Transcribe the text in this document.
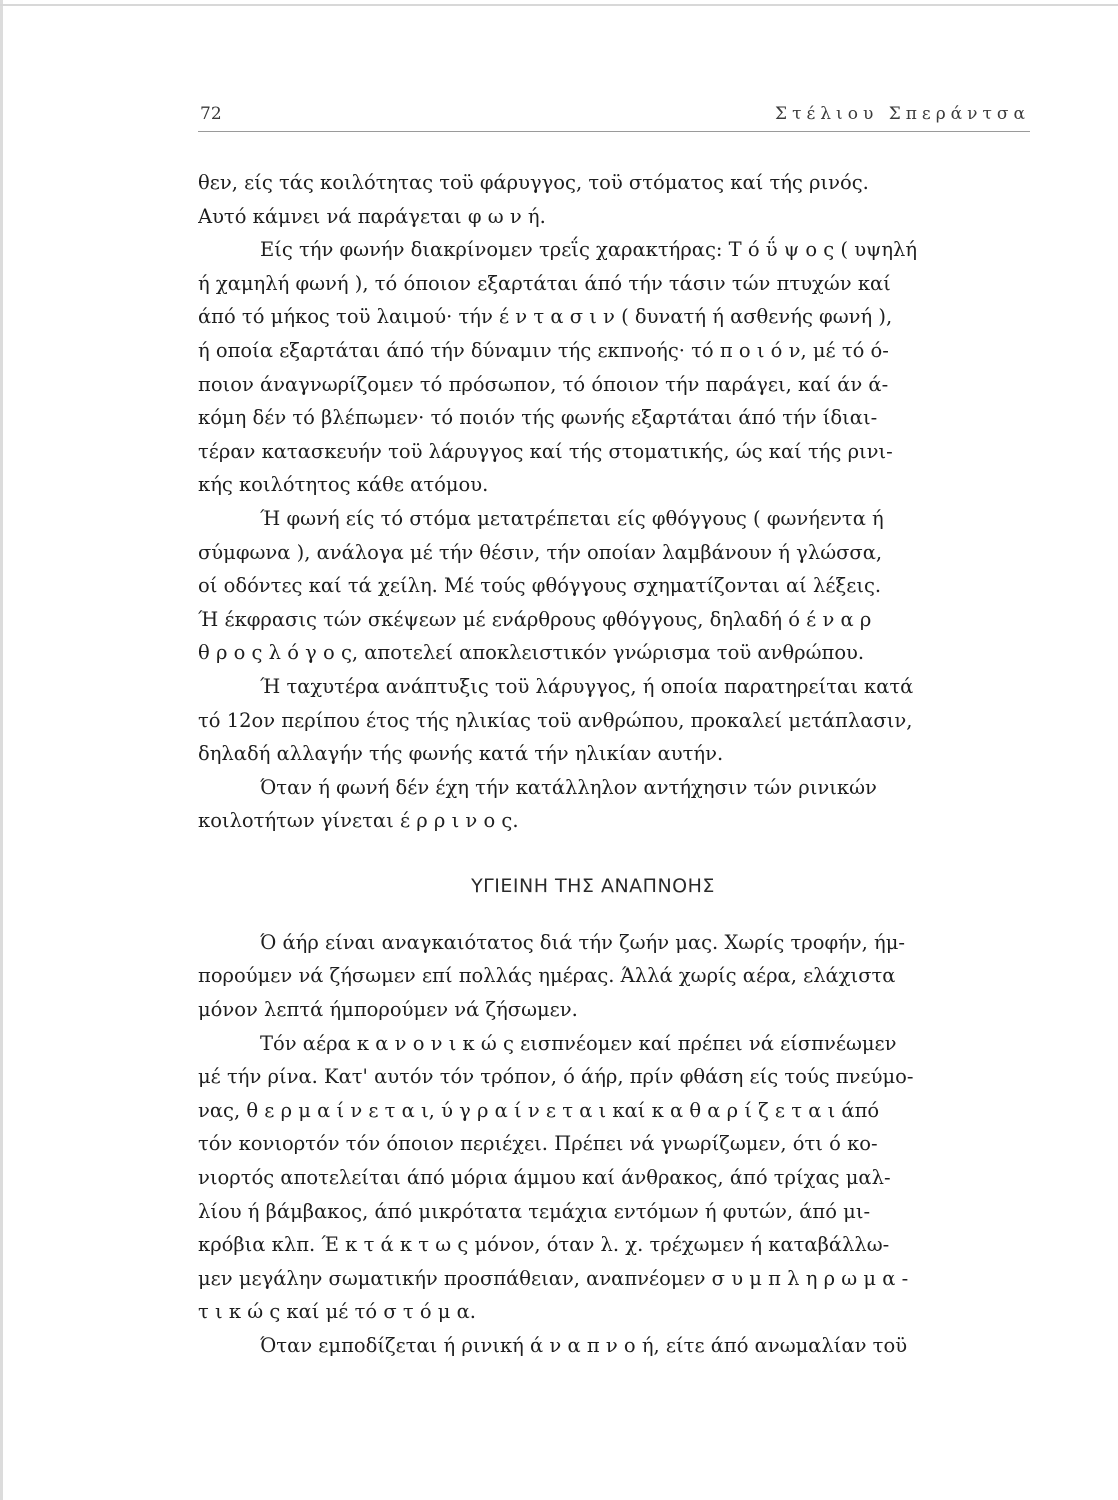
72	Στέλιου Σπεράντσα
θεν, είς τάς κοιλότητας τοϋ φάρυγγος, τοϋ στόματος καί τής ρινός.
Αυτό κάμνει νά παράγεται φ ω ν ή.
Είς τήν φωνήν διακρίνομεν τρεΐς χαρακτήρας: Τ ό ΰ ψ ο ς ( υψηλή
ή χαμηλή φωνή ), τό όποιον εξαρτάται άπό τήν τάσιν τών πτυχών καί
άπό τό μήκος τοϋ λαιμού· τήν έ ν τ α σ ι ν ( δυνατή ή ασθενής φωνή ),
ή οποία εξαρτάται άπό τήν δύναμιν τής εκπνοής· τό π ο ι ό ν, μέ τό ό-
ποιον άναγνωρίζομεν τό πρόσωπον, τό όποιον τήν παράγει, καί άν ά-
κόμη δέν τό βλέπωμεν· τό ποιόν τής φωνής εξαρτάται άπό τήν ίδιαι-
τέραν κατασκευήν τοϋ λάρυγγος καί τής στοματικής, ώς καί τής ρινι-
κής κοιλότητος κάθε ατόμου.
Ή φωνή είς τό στόμα μετατρέπεται είς φθόγγους ( φωνήεντα ή
σύμφωνα ), ανάλογα μέ τήν θέσιν, τήν οποίαν λαμβάνουν ή γλώσσα,
οί οδόντες καί τά χείλη. Μέ τούς φθόγγους σχηματίζονται αί λέξεις.
Ή έκφρασις τών σκέψεων μέ ενάρθρους φθόγγους, δηλαδή ό έ ν α ρ
θ ρ ο ς λ ό γ ο ς, αποτελεί αποκλειστικόν γνώρισμα τοϋ ανθρώπου.
Ή ταχυτέρα ανάπτυξις τοϋ λάρυγγος, ή οποία παρατηρείται κατά
τό 12ον περίπου έτος τής ηλικίας τοϋ ανθρώπου, προκαλεί μετάπλασιν,
δηλαδή αλλαγήν τής φωνής κατά τήν ηλικίαν αυτήν.
Όταν ή φωνή δέν έχη τήν κατάλληλον αντήχησιν τών ρινικών
κοιλοτήτων γίνεται έ ρ ρ ι ν ο ς.
ΥΓΙΕΙΝΗ ΤΗΣ ΑΝΑΠΝΟΗΣ
Ό άήρ είναι αναγκαιότατος διά τήν ζωήν μας. Χωρίς τροφήν, ήμ-
πορούμεν νά ζήσωμεν επί πολλάς ημέρας. Άλλά χωρίς αέρα, ελάχιστα
μόνον λεπτά ήμπορούμεν νά ζήσωμεν.
Τόν αέρα κ α ν ο ν ι κ ώ ς εισπνέομεν καί πρέπει νά είσπνέωμεν
μέ τήν ρίνα. Κατ' αυτόν τόν τρόπον, ό άήρ, πρίν φθάση είς τούς πνεύμο-
νας, θ ε ρ μ α ί ν ε τ α ι, ύ γ ρ α ί ν ε τ α ι καί κ α θ α ρ ί ζ ε τ α ι άπό
τόν κονιορτόν τόν όποιον περιέχει. Πρέπει νά γνωρίζωμεν, ότι ό κο-
νιορτός αποτελείται άπό μόρια άμμου καί άνθρακος, άπό τρίχας μαλ-
λίου ή βάμβακος, άπό μικρότατα τεμάχια εντόμων ή φυτών, άπό μι-
κρόβια κλπ. Έ κ τ ά κ τ ω ς μόνον, όταν λ. χ. τρέχωμεν ή καταβάλλω-
μεν μεγάλην σωματικήν προσπάθειαν, αναπνέομεν σ υ μ π λ η ρ ω μ α -
τ ι κ ώ ς καί μέ τό σ τ ό μ α.
Όταν εμποδίζεται ή ρινική ά ν α π ν ο ή, είτε άπό ανωμαλίαν τοϋ
